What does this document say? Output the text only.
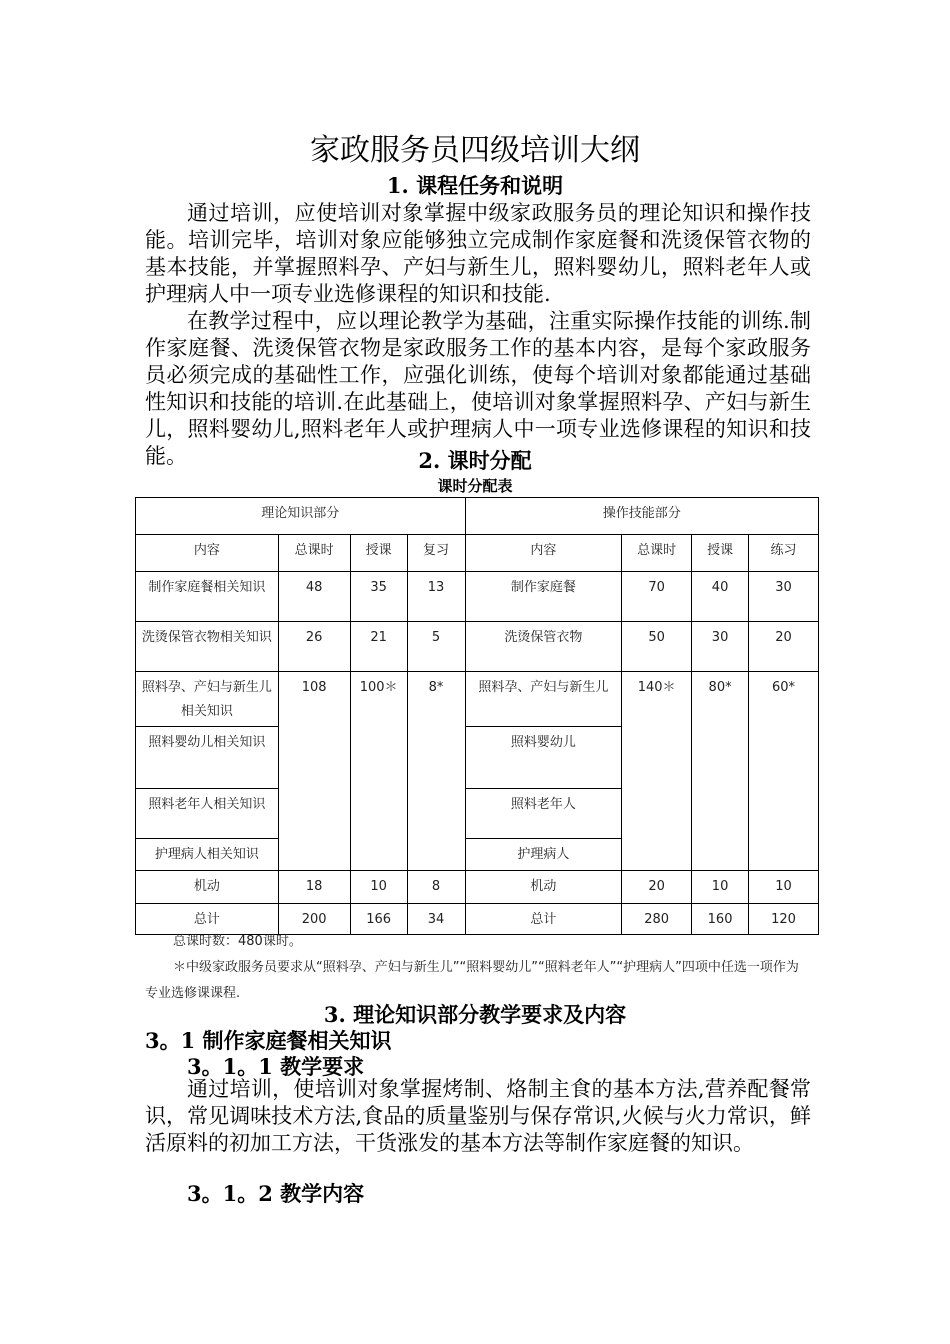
家政服务员四级培训大纲
1. 课程任务和说明
通过培训，应使培训对象掌握中级家政服务员的理论知识和操作技能。培训完毕，培训对象应能够独立完成制作家庭餐和洗烫保管衣物的基本技能，并掌握照料孕、产妇与新生儿，照料婴幼儿，照料老年人或护理病人中一项专业选修课程的知识和技能.
在教学过程中，应以理论教学为基础，注重实际操作技能的训练.制作家庭餐、洗烫保管衣物是家政服务工作的基本内容，是每个家政服务员必须完成的基础性工作，应强化训练，使每个培训对象都能通过基础性知识和技能的培训.在此基础上，使培训对象掌握照料孕、产妇与新生儿，照料婴幼儿,照料老年人或护理病人中一项专业选修课程的知识和技能。	2. 课时分配
课时分配表
理论知识部分				操作技能部分			
内容	总课时	授课	复习	内容	总课时	授课	练习
制作家庭餐相关知识	48	35	13	制作家庭餐	70	40	30
洗烫保管衣物相关知识	26	21	5	洗烫保管衣物	50	30	20
照料孕、产妇与新生儿相关知识	108	100＊	8*	照料孕、产妇与新生儿	140＊	80*	60*
照料婴幼儿相关知识				照料婴幼儿			
照料老年人相关知识				照料老年人			
护理病人相关知识				护理病人			
机动	18	10	8	机动	20	10	10
总计	200	166	34	总计	280	160	120
总课时数：480课时。
＊中级家政服务员要求从“照料孕、产妇与新生儿”“照料婴幼儿”“照料老年人”“护理病人”四项中任选一项作为专业选修课课程.
3. 理论知识部分教学要求及内容
3。1 制作家庭餐相关知识
3。1。1 教学要求
通过培训，使培训对象掌握烤制、烙制主食的基本方法,营养配餐常识，常见调味技术方法,食品的质量鉴别与保存常识,火候与火力常识，鲜活原料的初加工方法，干货涨发的基本方法等制作家庭餐的知识。
3。1。2 教学内容
